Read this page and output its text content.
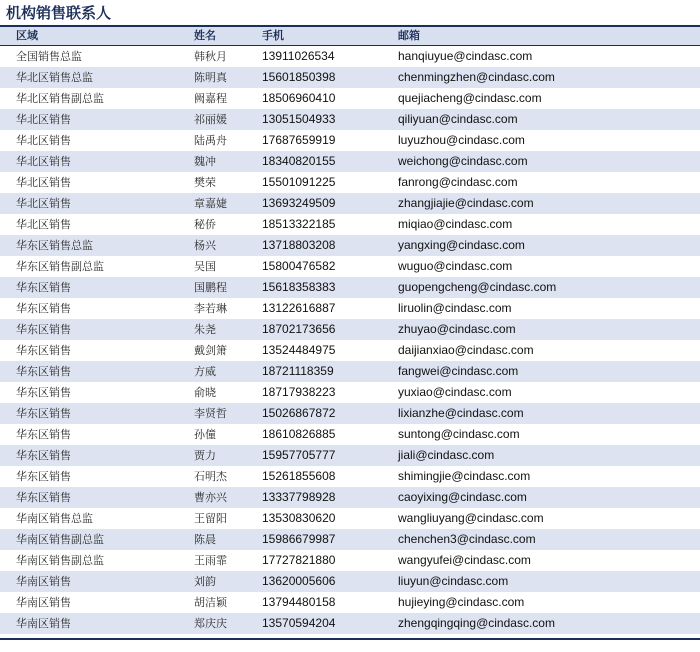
机构销售联系人
区域	姓名	手机	邮箱
全国销售总监	韩秋月	13911026534	hanqiuyue@cindasc.com
华北区销售总监	陈明真	15601850398	chenmingzhen@cindasc.com
华北区销售副总监	阙嘉程	18506960410	quejiacheng@cindasc.com
华北区销售	祁丽媛	13051504933	qiliyuan@cindasc.com
华北区销售	陆禹舟	17687659919	luyuzhou@cindasc.com
华北区销售	魏冲	18340820155	weichong@cindasc.com
华北区销售	樊荣	15501091225	fanrong@cindasc.com
华北区销售	章嘉婕	13693249509	zhangjiajie@cindasc.com
华北区销售	秘侨	18513322185	miqiao@cindasc.com
华东区销售总监	杨兴	13718803208	yangxing@cindasc.com
华东区销售副总监	吴国	15800476582	wuguo@cindasc.com
华东区销售	国鹏程	15618358383	guopengcheng@cindasc.com
华东区销售	李若琳	13122616887	liruolin@cindasc.com
华东区销售	朱尧	18702173656	zhuyao@cindasc.com
华东区销售	戴剑箫	13524484975	daijianxiao@cindasc.com
华东区销售	方威	18721118359	fangwei@cindasc.com
华东区销售	俞晓	18717938223	yuxiao@cindasc.com
华东区销售	李贤哲	15026867872	lixianzhe@cindasc.com
华东区销售	孙僮	18610826885	suntong@cindasc.com
华东区销售	贾力	15957705777	jiali@cindasc.com
华东区销售	石明杰	15261855608	shimingjie@cindasc.com
华东区销售	曹亦兴	13337798928	caoyixing@cindasc.com
华南区销售总监	王留阳	13530830620	wangliuyang@cindasc.com
华南区销售副总监	陈晨	15986679987	chenchen3@cindasc.com
华南区销售副总监	王雨霏	17727821880	wangyufei@cindasc.com
华南区销售	刘韵	13620005606	liuyun@cindasc.com
华南区销售	胡洁颖	13794480158	hujieying@cindasc.com
华南区销售	郑庆庆	13570594204	zhengqingqing@cindasc.com
